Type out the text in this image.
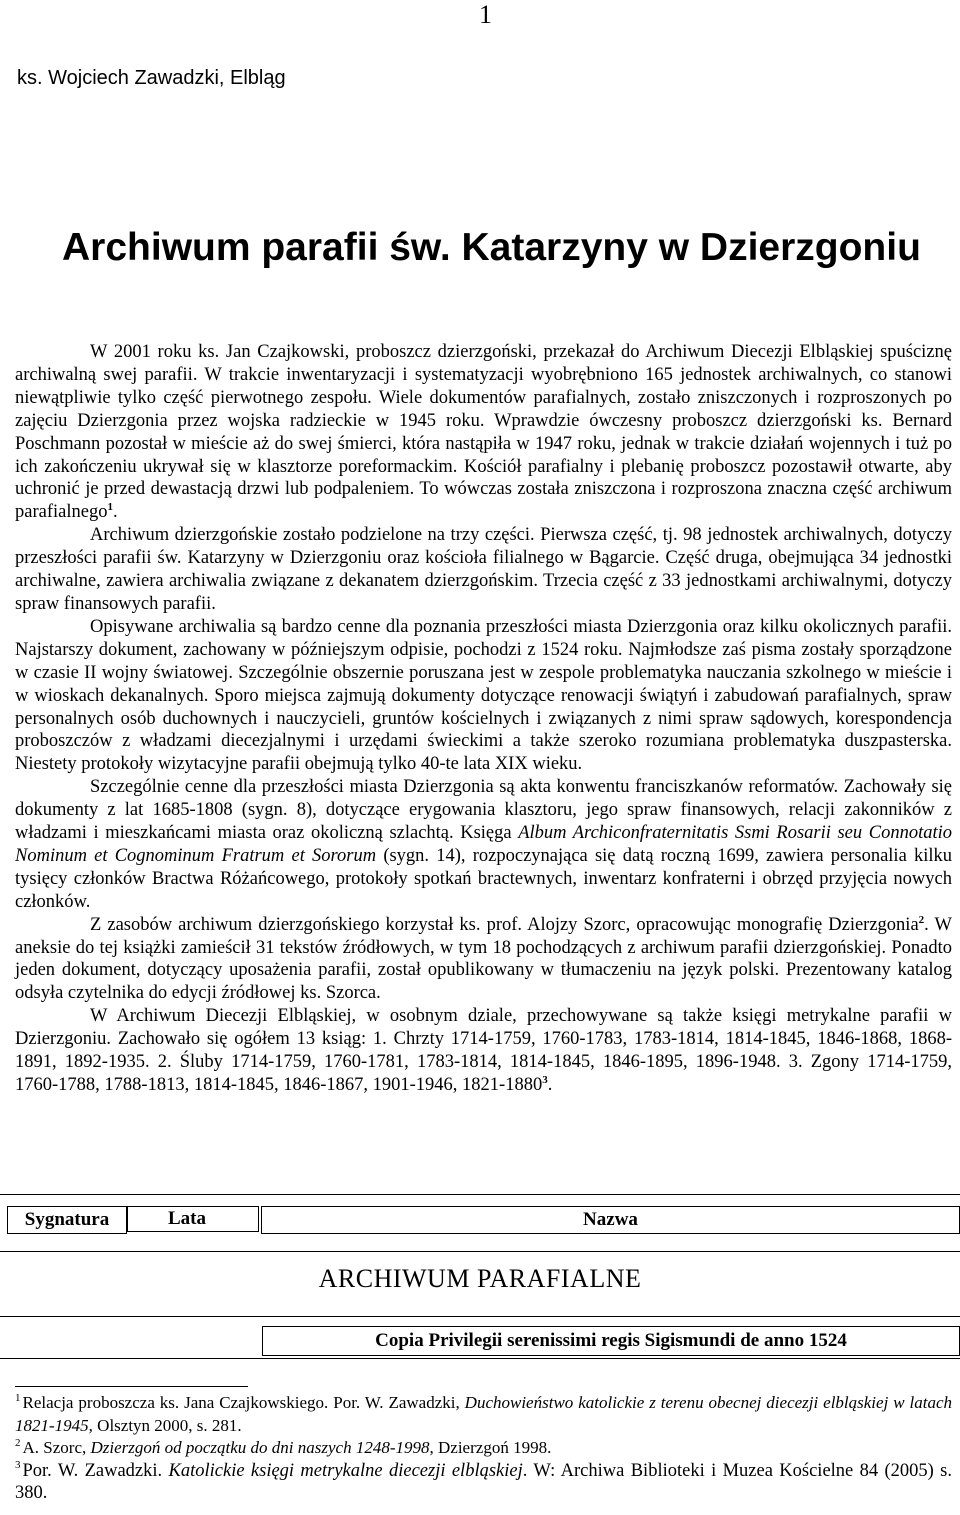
1
ks. Wojciech Zawadzki, Elbląg
Archiwum parafii św. Katarzyny w Dzierzgoniu

W 2001 roku ks. Jan Czajkowski, proboszcz dzierzgoński, przekazał do Archiwum Diecezji Elbląskiej spuściznę archiwalną swej parafii. W trakcie inwentaryzacji i systematyzacji wyobrębniono 165 jednostek archiwalnych, co stanowi niewątpliwie tylko część pierwotnego zespołu. Wiele dokumentów parafialnych, zostało zniszczonych i rozproszonych po zajęciu Dzierzgonia przez wojska radzieckie w 1945 roku. Wprawdzie ówczesny proboszcz dzierzgoński ks. Bernard Poschmann pozostał w mieście aż do swej śmierci, która nastąpiła w 1947 roku, jednak w trakcie działań wojennych i tuż po ich zakończeniu ukrywał się w klasztorze poreformackim. Kościół parafialny i plebanię proboszcz pozostawił otwarte, aby uchronić je przed dewastacją drzwi lub podpaleniem. To wówczas została zniszczona i rozproszona znaczna część archiwum parafialnego$^1$.

Archiwum dzierzgońskie zostało podzielone na trzy części. Pierwsza część, tj. 98 jednostek archiwalnych, dotyczy przeszłości parafii św. Katarzyny w Dzierzgoniu oraz kościoła filialnego w Bągarcie. Część druga, obejmująca 34 jednostki archiwalne, zawiera archiwalia związane z dekanatem dzierzgońskim. Trzecia część z 33 jednostkami archiwalnymi, dotyczy spraw finansowych parafii.

Opisywane archiwalia są bardzo cenne dla poznania przeszłości miasta Dzierzgonia oraz kilku okolicznych parafii. Najstarszy dokument, zachowany w późniejszym odpisie, pochodzi z 1524 roku. Najmłodsze zaś pisma zostały sporządzone w czasie II wojny światowej. Szczególnie obszernie poruszana jest w zespole problematyka nauczania szkolnego w mieście i w wioskach dekanalnych. Sporo miejsca zajmują dokumenty dotyczące renowacji świątyń i zabudowań parafialnych, spraw personalnych osób duchownych i nauczycieli, gruntów kościelnych i związanych z nimi spraw sądowych, korespondencja proboszczów z władzami diecezjalnymi i urzędami świeckimi a także szeroko rozumiana problematyka duszpasterska. Niestety protokoły wizytacyjne parafii obejmują tylko 40-te lata XIX wieku.

Szczególnie cenne dla przeszłości miasta Dzierzgonia są akta konwentu franciszkanów reformatów. Zachowały się dokumenty z lat 1685-1808 (sygn. 8), dotyczące erygowania klasztoru, jego spraw finansowych, relacji zakonników z władzami i mieszkańcami miasta oraz okoliczną szlachtą. Księga Album Archiconfraternitatis Ssmi Rosarii seu Connotatio Nominum et Cognominum Fratrum et Sororum (sygn. 14), rozpoczynająca się datą roczną 1699, zawiera personalia kilku tysięcy członków Bractwa Różańcowego, protokoły spotkań bractewnych, inwentarz konfraterni i obrzęd przyjęcia nowych członków.

Z zasobów archiwum dzierzgońskiego korzystał ks. prof. Alojzy Szorc, opracowując monografię Dzierzgonia$^2$. W aneksie do tej książki zamieścił 31 tekstów źródłowych, w tym 18 pochodzących z archiwum parafii dzierzgońskiej. Ponadto jeden dokument, dotyczący uposażenia parafii, został opublikowany w tłumaczeniu na język polski. Prezentowany katalog odsyła czytelnika do edycji źródłowej ks. Szorca.

W Archiwum Diecezji Elbląskiej, w osobnym dziale, przechowywane są także księgi metrykalne parafii w Dzierzgoniu. Zachowało się ogółem 13 ksiąg: 1. Chrzty 1714-1759, 1760-1783, 1783-1814, 1814-1845, 1846-1868, 1868-1891, 1892-1935. 2. Śluby 1714-1759, 1760-1781, 1783-1814, 1814-1845, 1846-1895, 1896-1948. 3. Zgony 1714-1759, 1760-1788, 1788-1813, 1814-1845, 1846-1867, 1901-1946, 1821-1880$^3$.

Sygnatura	Lata	Nazwa
ARCHIWUM PARAFIALNE
Copia Privilegii serenissimi regis Sigismundi de anno 1524

$^1$ Relacja proboszcza ks. Jana Czajkowskiego. Por. W. Zawadzki, Duchowieństwo katolickie z terenu obecnej diecezji elbląskiej w latach 1821-1945, Olsztyn 2000, s. 281.

$^2$ A. Szorc, Dzierzgoń od początku do dni naszych 1248-1998, Dzierzgoń 1998.

$^3$ Por. W. Zawadzki. Katolickie księgi metrykalne diecezji elbląskiej. W: Archiwa Biblioteki i Muzea Kościelne 84 (2005) s. 380.
